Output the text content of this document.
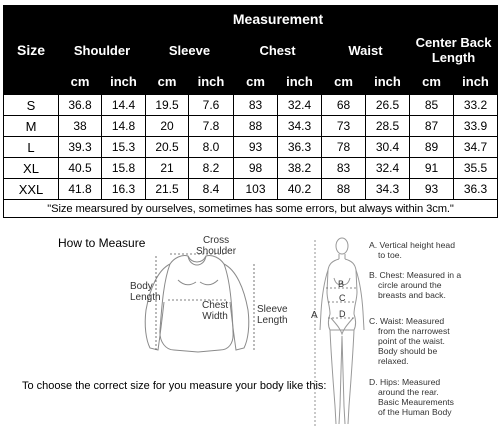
Size	Measurement									
	Shoulder		Sleeve		Chest		Waist		Center Back Length	
	cm	inch	cm	inch	cm	inch	cm	inch	cm	inch
S	36.8	14.4	19.5	7.6	83	32.4	68	26.5	85	33.2
M	38	14.8	20	7.8	88	34.3	73	28.5	87	33.9
L	39.3	15.3	20.5	8.0	93	36.3	78	30.4	89	34.7
XL	40.5	15.8	21	8.2	98	38.2	83	32.4	91	35.5
XXL	41.8	16.3	21.5	8.4	103	40.2	88	34.3	93	36.3
"Size mearsured by ourselves, sometimes has some errors, but always within 3cm."										
How to Measure	Cross
Shoulder
Body
Length
Chest
Width
Sleeve
Length
To choose the correct size for you measure your body like this:
A
B
C
D
A. Vertical height head
to toe.
B. Chest: Measured in a
circle around the
breasts and back.
C. Waist: Measured
from the narrowest
point of the waist.
Body should be
relaxed.
D. Hips: Measured
around the rear.
Basic Meaurements
of the Human Body
